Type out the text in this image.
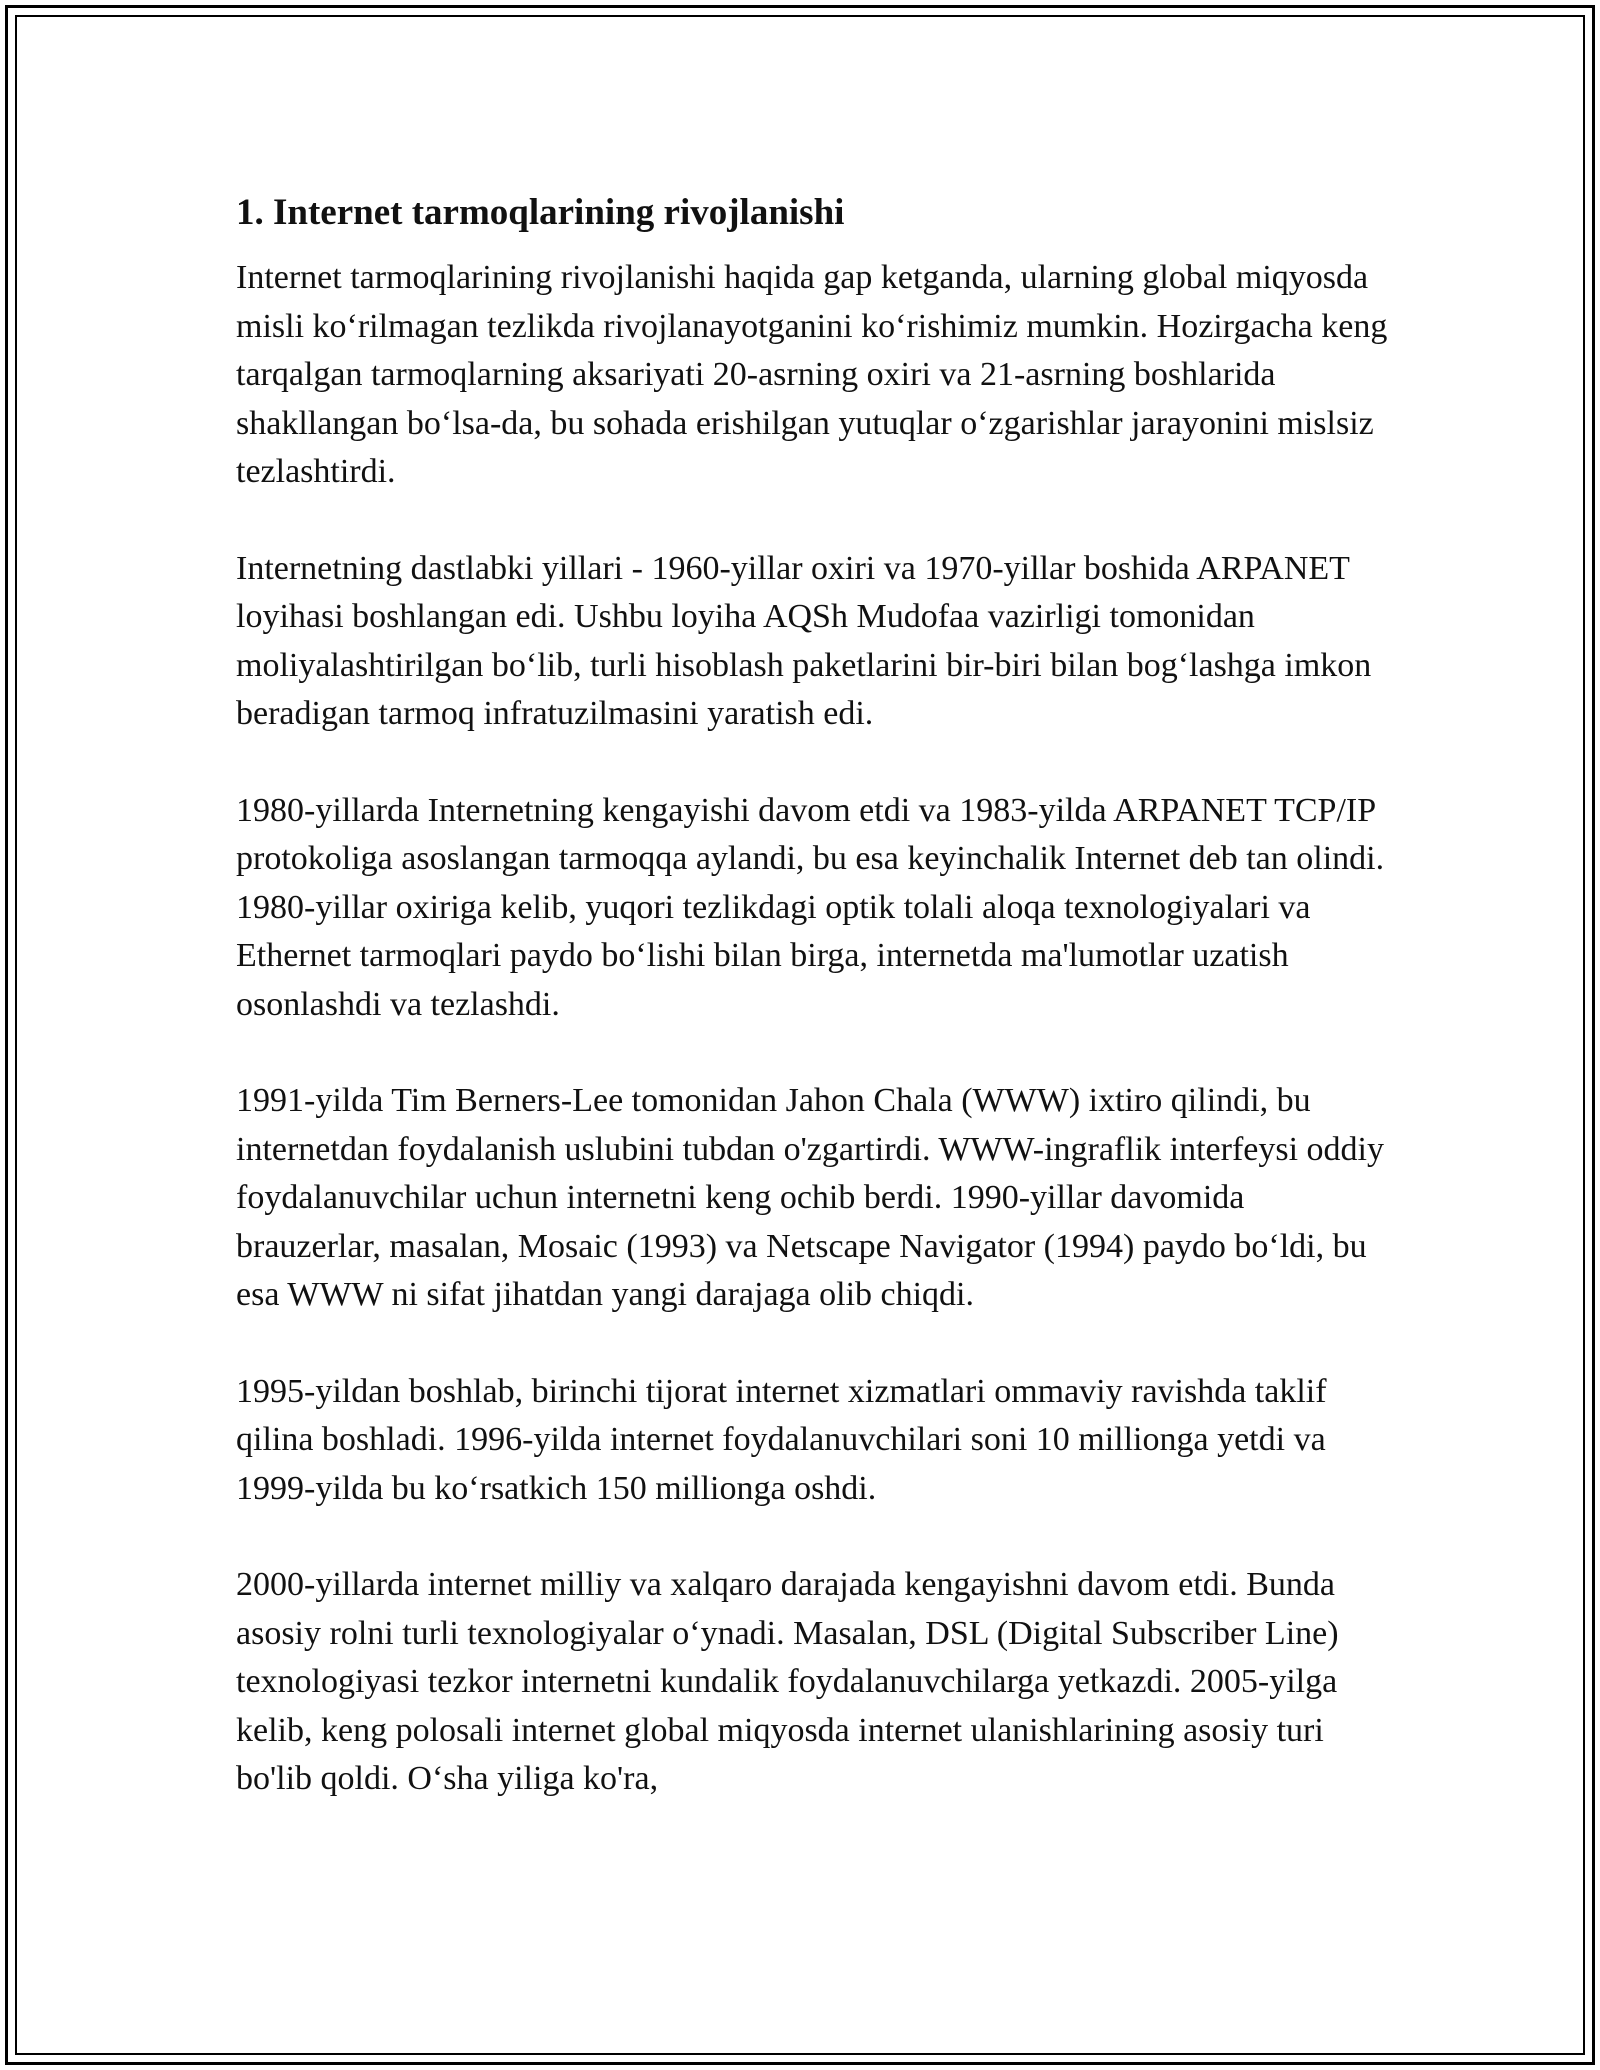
1. Internet tarmoqlarining rivojlanishi

Internet tarmoqlarining rivojlanishi haqida gap ketganda, ularning global miqyosda misli koʻrilmagan tezlikda rivojlanayotganini koʻrishimiz mumkin. Hozirgacha keng tarqalgan tarmoqlarning aksariyati 20-asrning oxiri va 21-asrning boshlarida shakllangan boʻlsa-da, bu sohada erishilgan yutuqlar oʻzgarishlar jarayonini mislsiz tezlashtirdi.

Internetning dastlabki yillari - 1960-yillar oxiri va 1970-yillar boshida ARPANET loyihasi boshlangan edi. Ushbu loyiha AQSh Mudofaa vazirligi tomonidan moliyalashtirilgan boʻlib, turli hisoblash paketlarini bir-biri bilan bogʻlashga imkon beradigan tarmoq infratuzilmasini yaratish edi.

1980-yillarda Internetning kengayishi davom etdi va 1983-yilda ARPANET TCP/IP protokoliga asoslangan tarmoqqa aylandi, bu esa keyinchalik Internet deb tan olindi. 1980-yillar oxiriga kelib, yuqori tezlikdagi optik tolali aloqa texnologiyalari va Ethernet tarmoqlari paydo boʻlishi bilan birga, internetda ma'lumotlar uzatish osonlashdi va tezlashdi.

1991-yilda Tim Berners-Lee tomonidan Jahon Chala (WWW) ixtiro qilindi, bu internetdan foydalanish uslubini tubdan o'zgartirdi. WWW-ingraflik interfeysi oddiy foydalanuvchilar uchun internetni keng ochib berdi. 1990-yillar davomida brauzerlar, masalan, Mosaic (1993) va Netscape Navigator (1994) paydo boʻldi, bu esa WWW ni sifat jihatdan yangi darajaga olib chiqdi.

1995-yildan boshlab, birinchi tijorat internet xizmatlari ommaviy ravishda taklif qilina boshladi. 1996-yilda internet foydalanuvchilari soni 10 millionga yetdi va 1999-yilda bu koʻrsatkich 150 millionga oshdi.

2000-yillarda internet milliy va xalqaro darajada kengayishni davom etdi. Bunda asosiy rolni turli texnologiyalar oʻynadi. Masalan, DSL (Digital Subscriber Line) texnologiyasi tezkor internetni kundalik foydalanuvchilarga yetkazdi. 2005-yilga kelib, keng polosali internet global miqyosda internet ulanishlarining asosiy turi bo'lib qoldi. Oʻsha yiliga ko'ra,
